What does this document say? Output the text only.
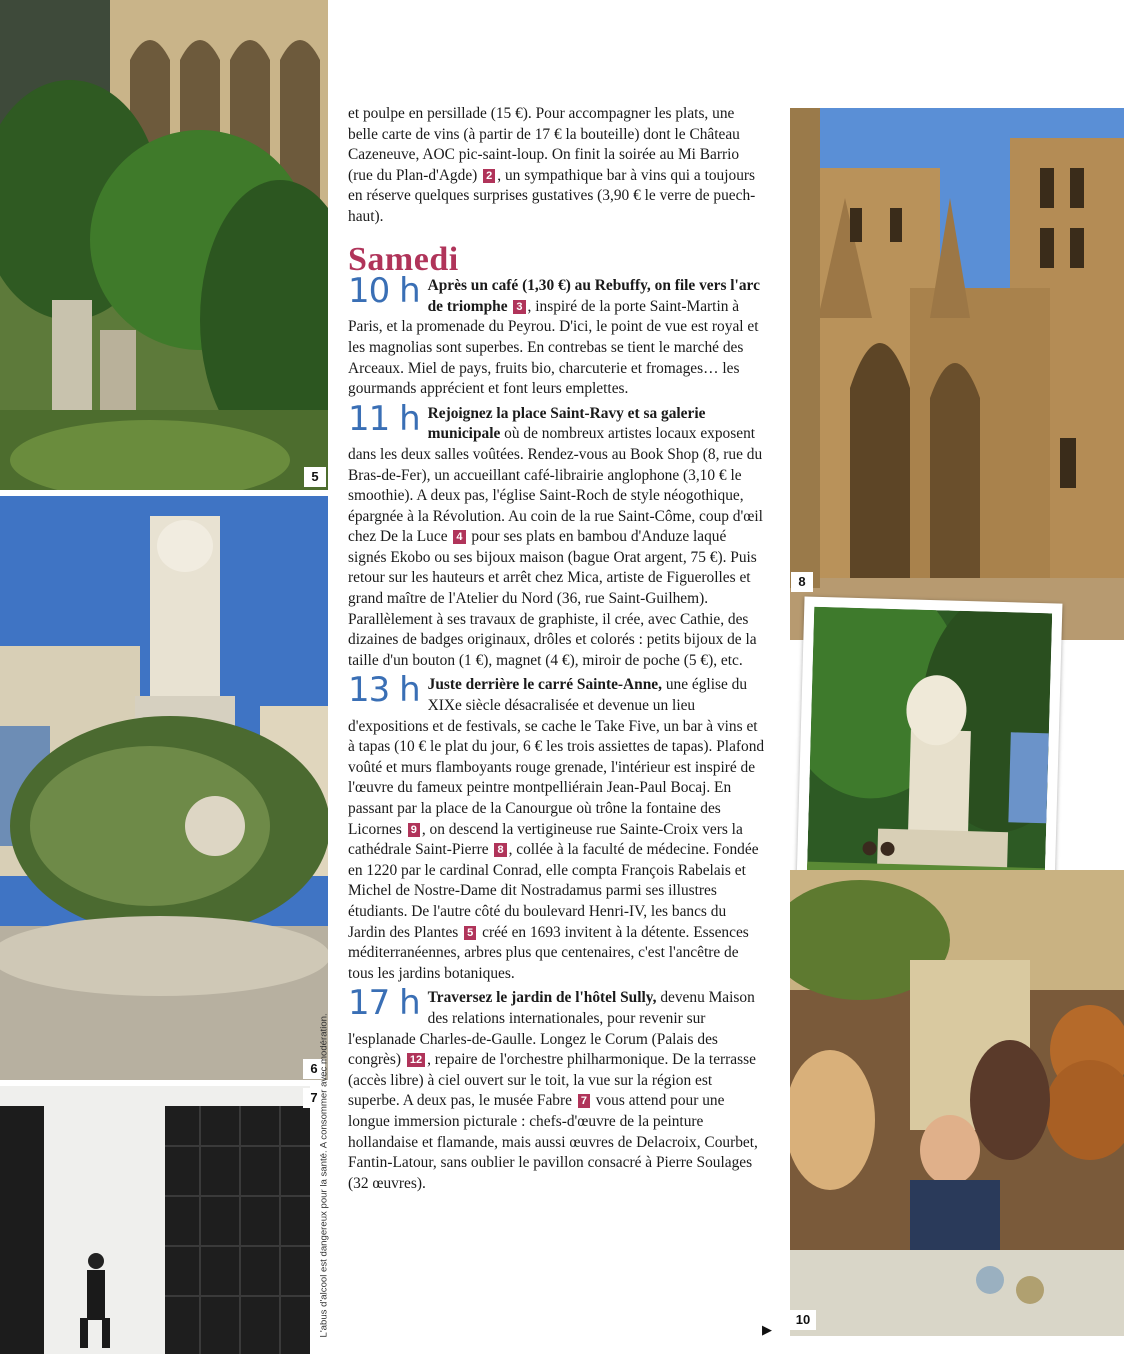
5
6
7
8
10
L'abus d'alcool est dangereux pour la santé. A consommer avec modération.

et poulpe en persillade (15 €). Pour accompagner les plats, une belle carte de vins (à partir de 17 € la bouteille) dont le Château Cazeneuve, AOC pic-saint-loup. On finit la soirée au Mi Barrio (rue du Plan-d'Agde) 2 , un sympathique bar à vins qui a toujours en réserve quelques surprises gustatives (3,90 € le verre de puech-haut).

Samedi
10 h Après un café (1,30 €) au Rebuffy, on file vers l'arc de triomphe 3 , inspiré de la porte Saint-Martin à Paris, et la promenade du Peyrou. D'ici, le point de vue est royal et les magnolias sont superbes. En contrebas se tient le marché des Arceaux. Miel de pays, fruits bio, charcuterie et fromages… les gourmands apprécient et font leurs emplettes.

11 h Rejoignez la place Saint-Ravy et sa galerie municipale où de nombreux artistes locaux exposent dans les deux salles voûtées. Rendez-vous au Book Shop (8, rue du Bras-de-Fer), un accueillant café-librairie anglophone (3,10 € le smoothie). A deux pas, l'église Saint-Roch de style néogothique, épargnée à la Révolution. Au coin de la rue Saint-Côme, coup d'œil chez De la Luce 4 pour ses plats en bambou d'Anduze laqué signés Ekobo ou ses bijoux maison (bague Orat argent, 75 €). Puis retour sur les hauteurs et arrêt chez Mica, artiste de Figuerolles et grand maître de l'Atelier du Nord (36, rue Saint-Guilhem). Parallèlement à ses travaux de graphiste, il crée, avec Cathie, des dizaines de badges originaux, drôles et colorés : petits bijoux de la taille d'un bouton (1 €), magnet (4 €), miroir de poche (5 €), etc.

13 h Juste derrière le carré Sainte-Anne, une église du XIXe siècle désacralisée et devenue un lieu d'expositions et de festivals, se cache le Take Five, un bar à vins et à tapas (10 € le plat du jour, 6 € les trois assiettes de tapas). Plafond voûté et murs flamboyants rouge grenade, l'intérieur est inspiré de l'œuvre du fameux peintre montpelliérain Jean-Paul Bocaj. En passant par la place de la Canourgue où trône la fontaine des Licornes 9 , on descend la vertigineuse rue Sainte-Croix vers la cathédrale Saint-Pierre 8 , collée à la faculté de médecine. Fondée en 1220 par le cardinal Conrad, elle compta François Rabelais et Michel de Nostre-Dame dit Nostradamus parmi ses illustres étudiants. De l'autre côté du boulevard Henri-IV, les bancs du Jardin des Plantes 5 créé en 1693 invitent à la détente. Essences méditerranéennes, arbres plus que centenaires, c'est l'ancêtre de tous les jardins botaniques.

17 h Traversez le jardin de l'hôtel Sully, devenu Maison des relations internationales, pour revenir sur l'esplanade Charles-de-Gaulle. Longez le Corum (Palais des congrès) 12 , repaire de l'orchestre philharmonique. De la terrasse (accès libre) à ciel ouvert sur le toit, la vue sur la région est superbe. A deux pas, le musée Fabre 7 vous attend pour une longue immersion picturale : chefs-d'œuvre de la peinture hollandaise et flamande, mais aussi œuvres de Delacroix, Courbet, Fantin-Latour, sans oublier le pavillon consacré à Pierre Soulages (32 œuvres).

▶
